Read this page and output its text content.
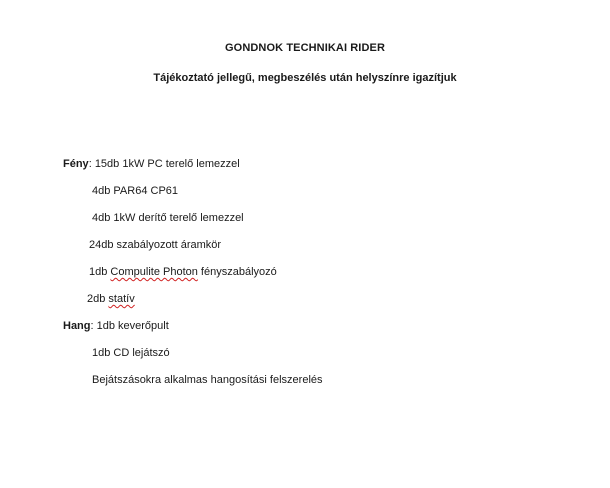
GONDNOK TECHNIKAI RIDER
Tájékoztató jellegű, megbeszélés után helyszínre igazítjuk
Fény: 15db 1kW PC terelő lemezzel
4db PAR64 CP61
4db 1kW derítő terelő lemezzel
24db szabályozott áramkör
1db Compulite Photon fényszabályozó
2db statív
Hang: 1db keverőpult
1db CD lejátszó
Bejátszásokra alkalmas hangosítási felszerelés
